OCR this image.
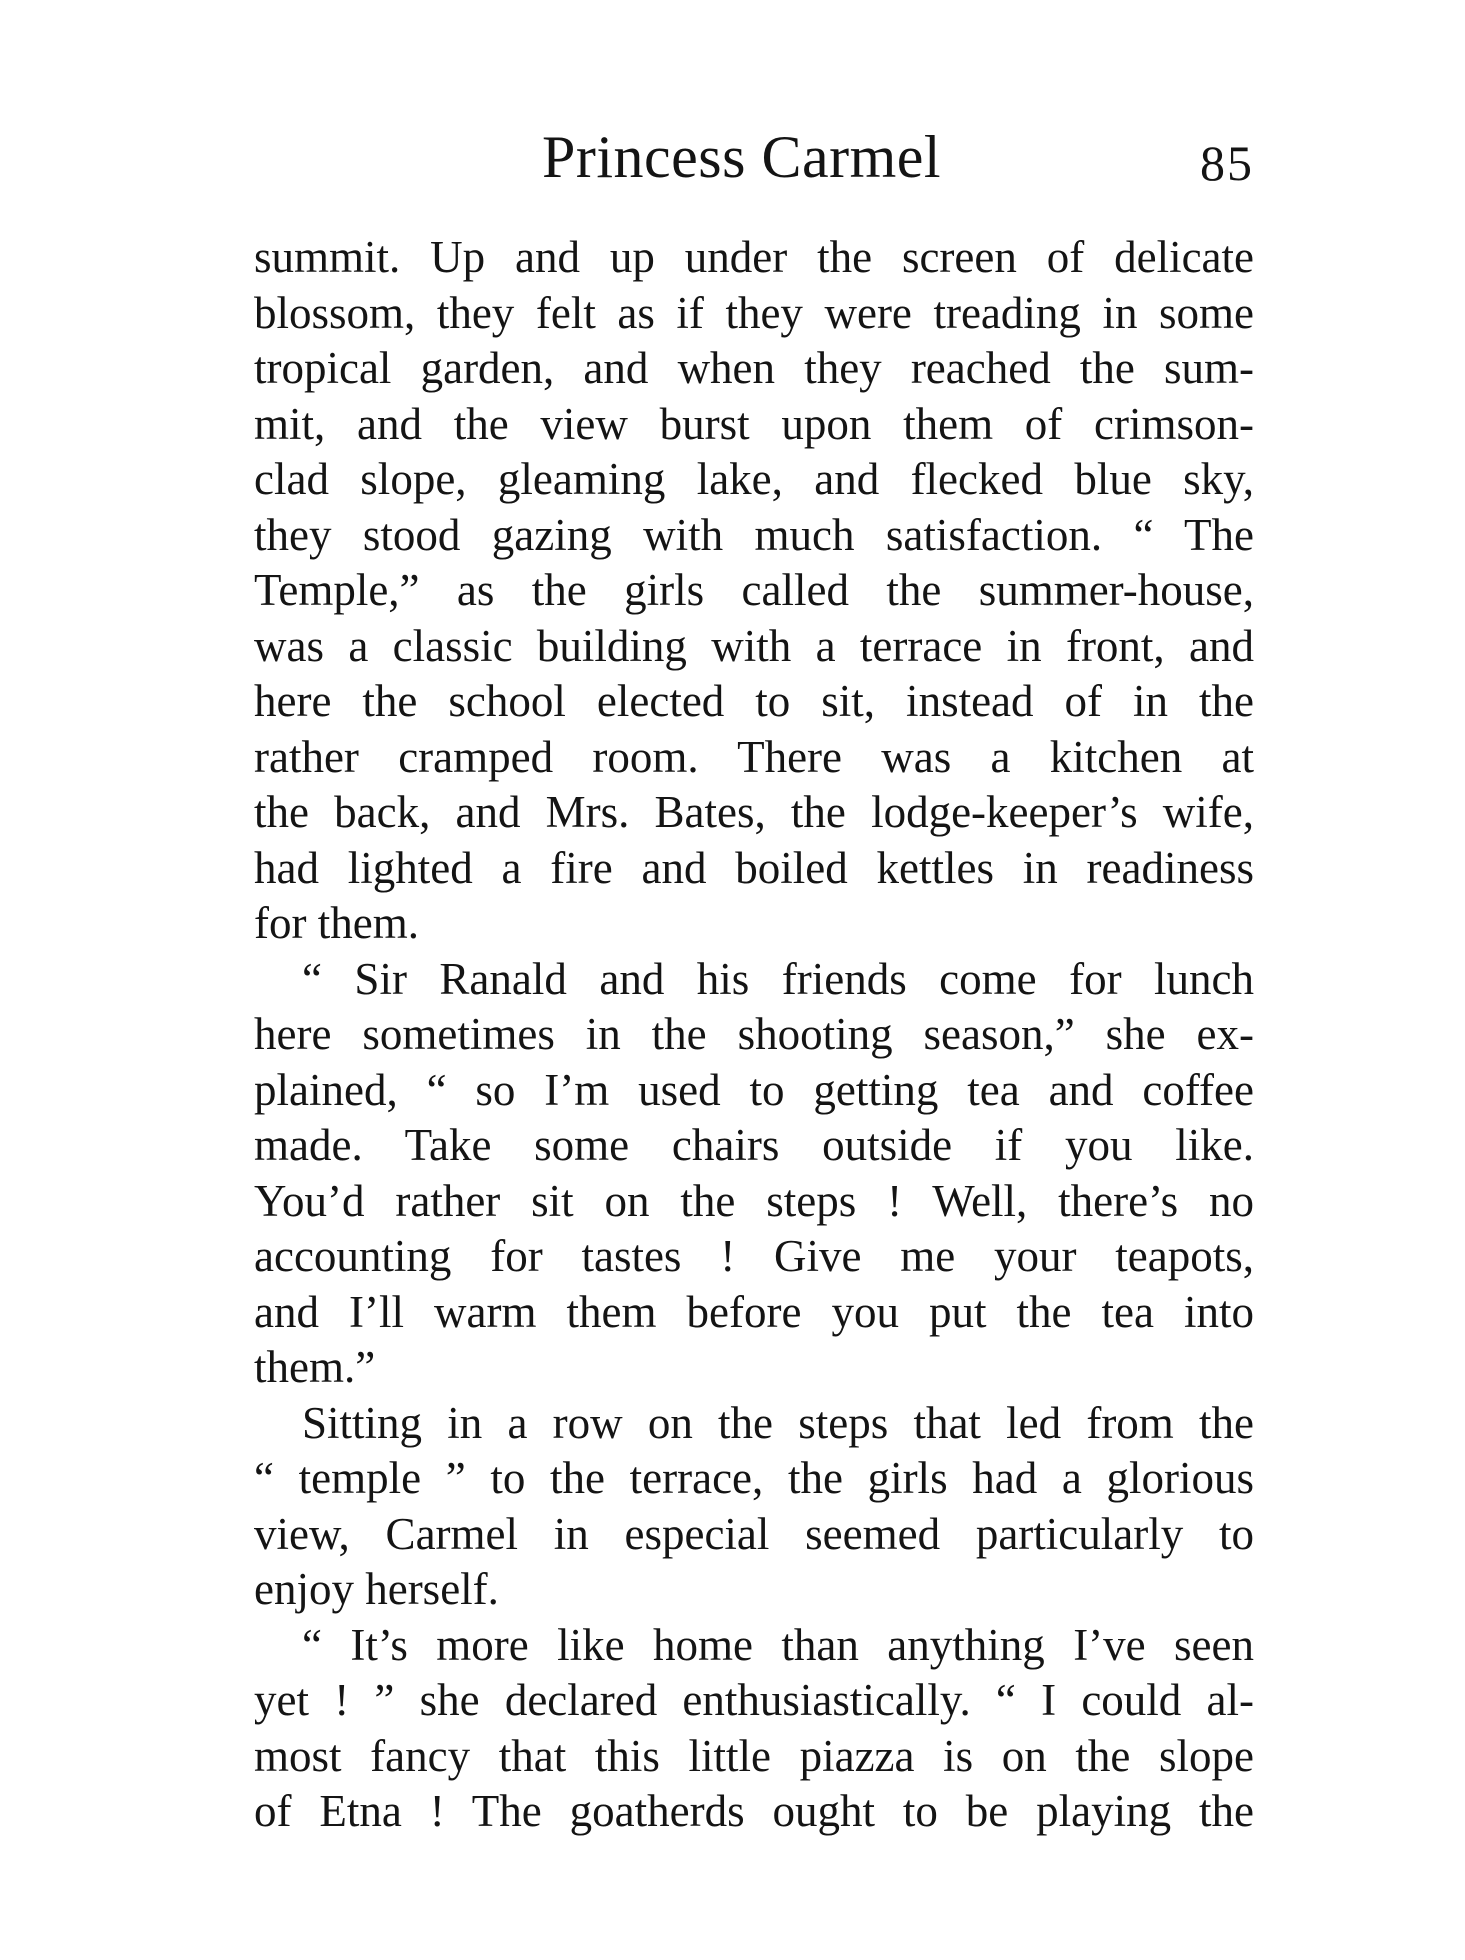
Princess Carmel	85
summit. Up and up under the screen of delicate
blossom, they felt as if they were treading in some
tropical garden, and when they reached the sum-
mit, and the view burst upon them of crimson-
clad slope, gleaming lake, and flecked blue sky,
they stood gazing with much satisfaction. “ The
Temple,” as the girls called the summer-house,
was a classic building with a terrace in front, and
here the school elected to sit, instead of in the
rather cramped room. There was a kitchen at
the back, and Mrs. Bates, the lodge-keeper’s wife,
had lighted a fire and boiled kettles in readiness
for them.
“ Sir Ranald and his friends come for lunch
here sometimes in the shooting season,” she ex-
plained, “ so I’m used to getting tea and coffee
made. Take some chairs outside if you like.
You’d rather sit on the steps ! Well, there’s no
accounting for tastes ! Give me your teapots,
and I’ll warm them before you put the tea into
them.”
Sitting in a row on the steps that led from the
“ temple ” to the terrace, the girls had a glorious
view, Carmel in especial seemed particularly to
enjoy herself.
“ It’s more like home than anything I’ve seen
yet ! ” she declared enthusiastically. “ I could al-
most fancy that this little piazza is on the slope
of Etna ! The goatherds ought to be playing the
